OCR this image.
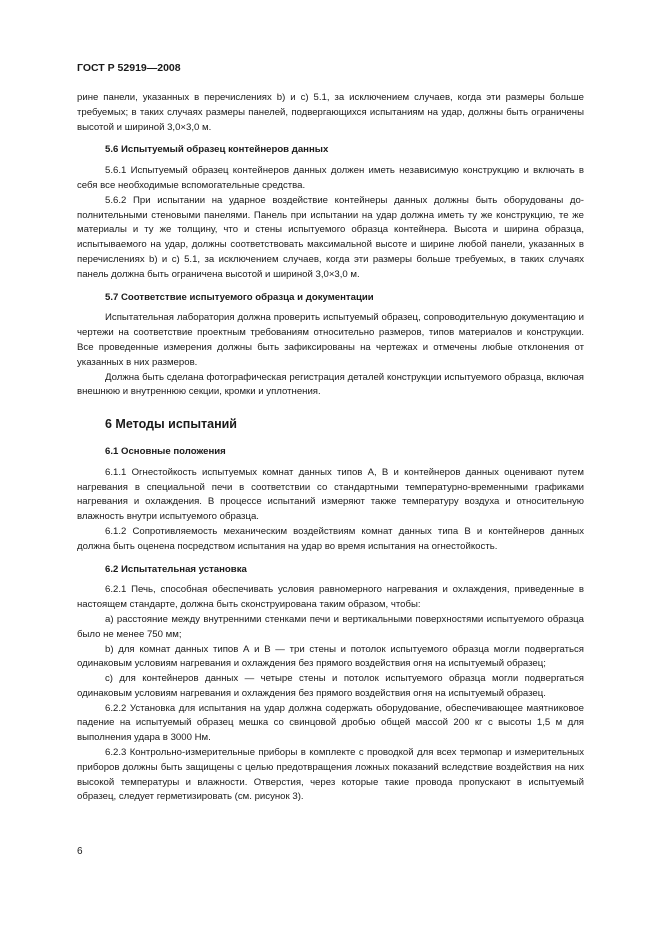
ГОСТ Р 52919—2008

рине панели, указанных в перечислениях b) и c) 5.1, за исключением случаев, когда эти размеры больше требуемых; в таких случаях размеры панелей, подвергающихся испытаниям на удар, должны быть ограничены высотой и шириной 3,0×3,0 м.

5.6 Испытуемый образец контейнеров данных

5.6.1 Испытуемый образец контейнеров данных должен иметь независимую конструкцию и включать в себя все необходимые вспомогательные средства.

5.6.2 При испытании на ударное воздействие контейнеры данных должны быть оборудованы дополнительными стеновыми панелями. Панель при испытании на удар должна иметь ту же конструкцию, те же материалы и ту же толщину, что и стены испытуемого образца контейнера. Высота и ширина образца, испытываемого на удар, должны соответствовать максимальной высоте и ширине любой панели, указанных в перечислениях b) и c) 5.1, за исключением случаев, когда эти размеры больше требуемых, в таких случаях панель должна быть ограничена высотой и шириной 3,0×3,0 м.

5.7 Соответствие испытуемого образца и документации

Испытательная лаборатория должна проверить испытуемый образец, сопроводительную документацию и чертежи на соответствие проектным требованиям относительно размеров, типов материалов и конструкции. Все проведенные измерения должны быть зафиксированы на чертежах и отмечены любые отклонения от указанных в них размеров.

Должна быть сделана фотографическая регистрация деталей конструкции испытуемого образца, включая внешнюю и внутреннюю секции, кромки и уплотнения.

6 Методы испытаний
6.1 Основные положения

6.1.1 Огнестойкость испытуемых комнат данных типов А, В и контейнеров данных оценивают путем нагревания в специальной печи в соответствии со стандартными температурно-временными графиками нагревания и охлаждения. В процессе испытаний измеряют также температуру воздуха и относительную влажность внутри испытуемого образца.

6.1.2 Сопротивляемость механическим воздействиям комнат данных типа В и контейнеров данных должна быть оценена посредством испытания на удар во время испытания на огнестойкость.

6.2 Испытательная установка

6.2.1 Печь, способная обеспечивать условия равномерного нагревания и охлаждения, приведенные в настоящем стандарте, должна быть сконструирована таким образом, чтобы:

а) расстояние между внутренними стенками печи и вертикальными поверхностями испытуемого образца было не менее 750 мм;

b) для комнат данных типов А и В — три стены и потолок испытуемого образца могли подвергаться одинаковым условиям нагревания и охлаждения без прямого воздействия огня на испытуемый образец;

с) для контейнеров данных — четыре стены и потолок испытуемого образца могли подвергаться одинаковым условиям нагревания и охлаждения без прямого воздействия огня на испытуемый образец.

6.2.2 Установка для испытания на удар должна содержать оборудование, обеспечивающее маятниковое падение на испытуемый образец мешка со свинцовой дробью общей массой 200 кг с высоты 1,5 м для выполнения удара в 3000 Нм.

6.2.3 Контрольно-измерительные приборы в комплекте с проводкой для всех термопар и измерительных приборов должны быть защищены с целью предотвращения ложных показаний вследствие воздействия на них высокой температуры и влажности. Отверстия, через которые такие провода пропускают в испытуемый образец, следует герметизировать (см. рисунок 3).

6
